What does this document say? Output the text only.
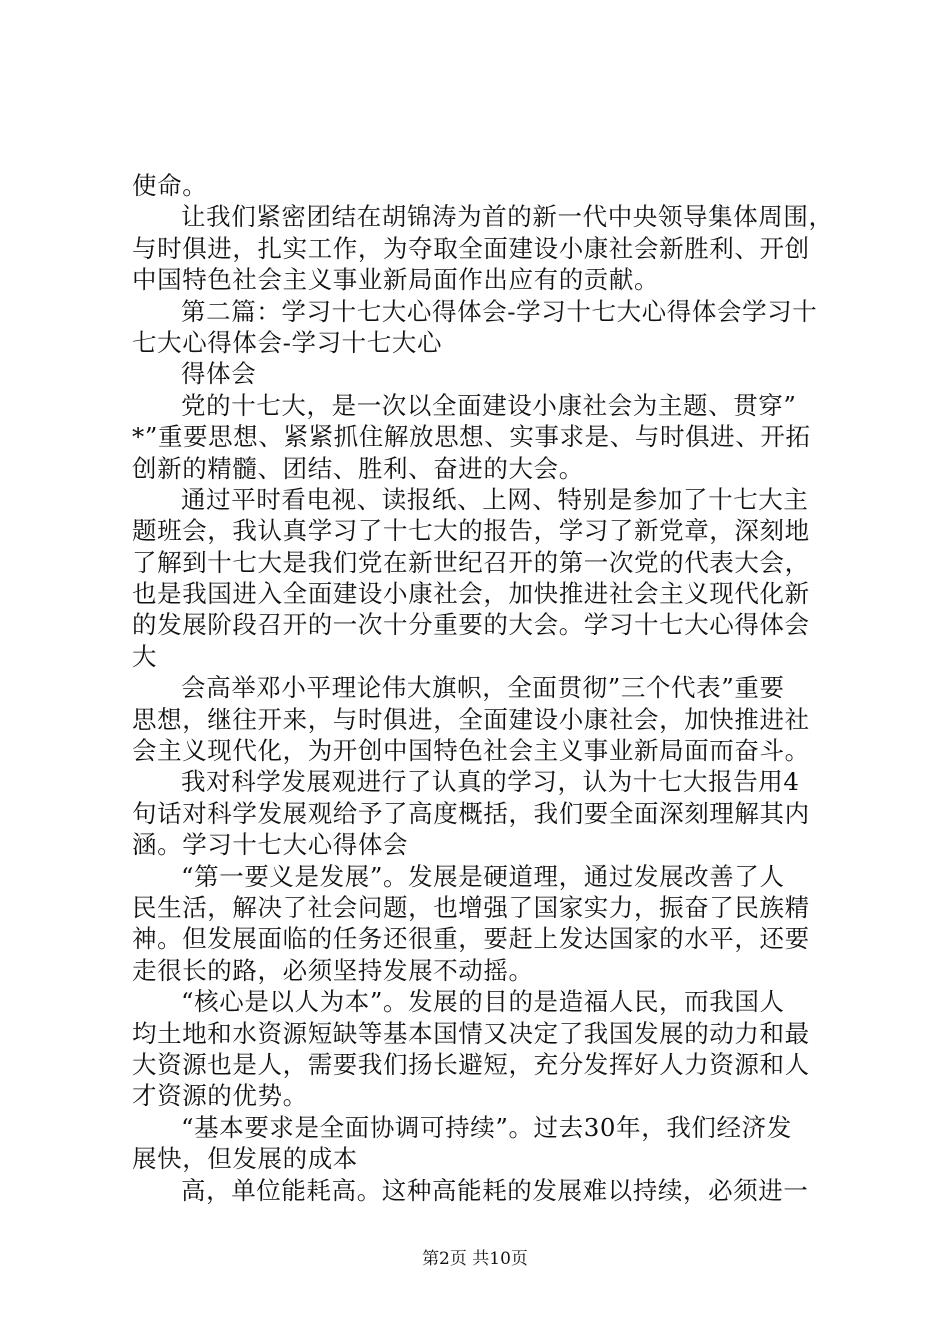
使命。
让我们紧密团结在胡锦涛为首的新一代中央领导集体周围，
与时俱进，扎实工作，为夺取全面建设小康社会新胜利、开创
中国特色社会主义事业新局面作出应有的贡献。
第二篇：学习十七大心得体会-学习十七大心得体会学习十
七大心得体会-学习十七大心
得体会
党的十七大，是一次以全面建设小康社会为主题、贯穿”
*”重要思想、紧紧抓住解放思想、实事求是、与时俱进、开拓
创新的精髓、团结、胜利、奋进的大会。
通过平时看电视、读报纸、上网、特别是参加了十七大主
题班会，我认真学习了十七大的报告，学习了新党章，深刻地
了解到十七大是我们党在新世纪召开的第一次党的代表大会，
也是我国进入全面建设小康社会，加快推进社会主义现代化新
的发展阶段召开的一次十分重要的大会。学习十七大心得体会
大
会高举邓小平理论伟大旗帜，全面贯彻”三个代表”重要
思想，继往开来，与时俱进，全面建设小康社会，加快推进社
会主义现代化，为开创中国特色社会主义事业新局面而奋斗。
我对科学发展观进行了认真的学习，认为十七大报告用4
句话对科学发展观给予了高度概括，我们要全面深刻理解其内
涵。学习十七大心得体会
“第一要义是发展”。发展是硬道理，通过发展改善了人
民生活，解决了社会问题，也增强了国家实力，振奋了民族精
神。但发展面临的任务还很重，要赶上发达国家的水平，还要
走很长的路，必须坚持发展不动摇。
“核心是以人为本”。发展的目的是造福人民，而我国人
均土地和水资源短缺等基本国情又决定了我国发展的动力和最
大资源也是人，需要我们扬长避短，充分发挥好人力资源和人
才资源的优势。
“基本要求是全面协调可持续”。过去30年，我们经济发
展快，但发展的成本
高，单位能耗高。这种高能耗的发展难以持续，必须进一
第2页 共10页
